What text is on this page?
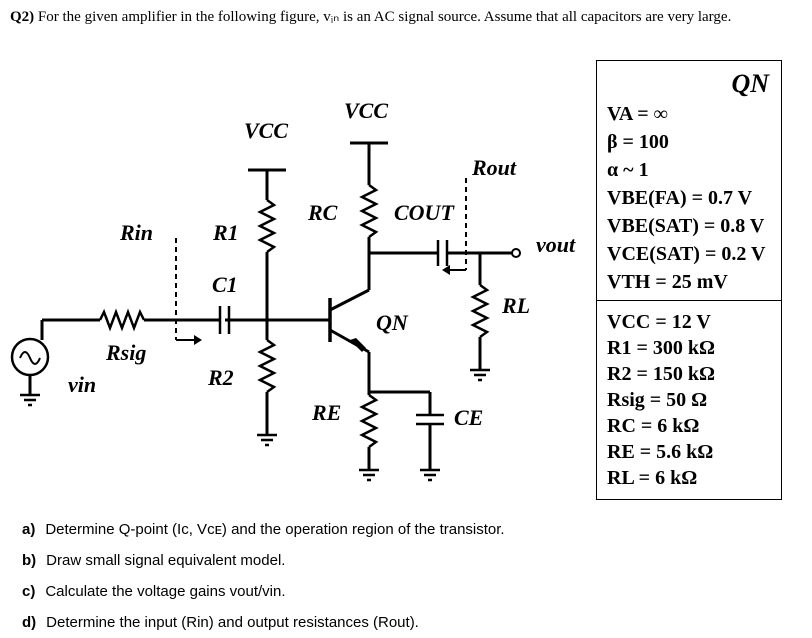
Q2) For the given amplifier in the following figure, vᵢₙ is an AC signal source. Assume that all capacitors are very large.
VCC
VCC
Rout
RC	COUT
Rin	R1
C1
vout
QN
RL
Rsig
vin	R2
RE	CE
QN
VA = ∞
β = 100
α ~ 1
VBE(FA) = 0.7 V
VBE(SAT) = 0.8 V
VCE(SAT) = 0.2 V
VTH = 25 mV
VCC = 12 V
R1 = 300 kΩ
R2 = 150 kΩ
Rsig = 50 Ω
RC = 6 kΩ
RE = 5.6 kΩ
RL = 6 kΩ
a) Determine Q-point (Iᴄ, Vᴄᴇ) and the operation region of the transistor.
b) Draw small signal equivalent model.
c) Calculate the voltage gains vout/vin.
d) Determine the input (Rin) and output resistances (Rout).
